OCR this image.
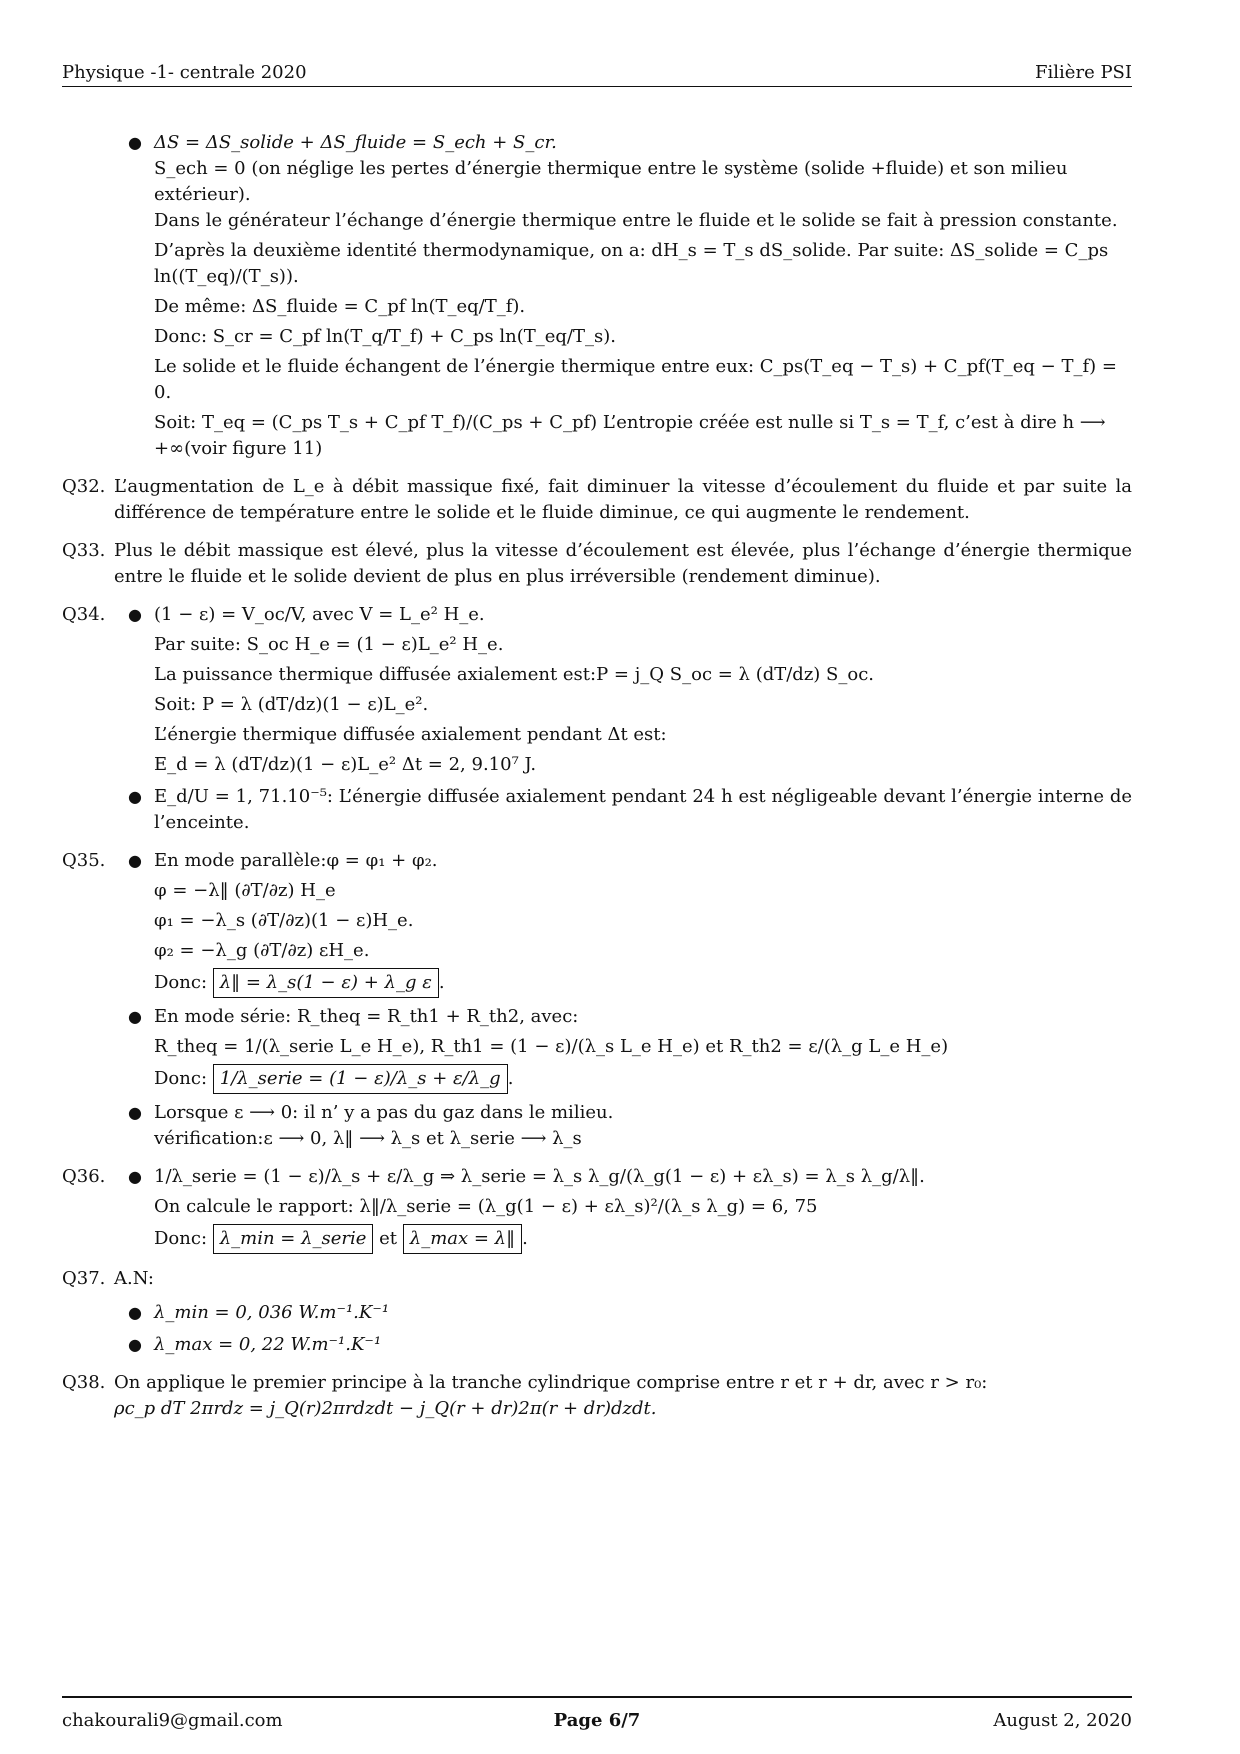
Physique -1- centrale 2020	Filière PSI
● ΔS = ΔS_solide + ΔS_fluide = S_ech + S_cr.
S_ech = 0 (on néglige les pertes d’énergie thermique entre le système (solide +fluide) et son milieu extérieur).
Dans le générateur l’échange d’énergie thermique entre le fluide et le solide se fait à pression constante.
D’après la deuxième identité thermodynamique, on a: dH_s = T_s dS_solide. Par suite: ΔS_solide = C_ps ln((T_eq)/(T_s)).
De même: ΔS_fluide = C_pf ln(T_eq/T_f).
Donc: S_cr = C_pf ln(T_q/T_f) + C_ps ln(T_eq/T_s).
Le solide et le fluide échangent de l’énergie thermique entre eux: C_ps(T_eq − T_s) + C_pf(T_eq − T_f) = 0.
Soit: T_eq = (C_ps T_s + C_pf T_f)/(C_ps + C_pf) L’entropie créée est nulle si T_s = T_f, c’est à dire h ⟶ +∞(voir figure 11)
Q32. L’augmentation de L_e à débit massique fixé, fait diminuer la vitesse d’écoulement du fluide et par suite la différence de température entre le solide et le fluide diminue, ce qui augmente le rendement.
Q33. Plus le débit massique est élevé, plus la vitesse d’écoulement est élevée, plus l’échange d’énergie thermique entre le fluide et le solide devient de plus en plus irréversible (rendement diminue).
Q34. ● (1 − ε) = V_oc/V, avec V = L_e² H_e.
Par suite: S_oc H_e = (1 − ε)L_e² H_e.
La puissance thermique diffusée axialement est:P = j_Q S_oc = λ (dT/dz) S_oc.
Soit: P = λ (dT/dz)(1 − ε)L_e².
L’énergie thermique diffusée axialement pendant Δt est:
E_d = λ (dT/dz)(1 − ε)L_e² Δt = 2, 9.10⁷ J.
● E_d/U = 1, 71.10⁻⁵: L’énergie diffusée axialement pendant 24 h est négligeable devant l’énergie interne de l’enceinte.
Q35. ● En mode parallèle:φ = φ₁ + φ₂.
φ = −λ‖ (∂T/∂z) H_e
φ₁ = −λ_s (∂T/∂z)(1 − ε)H_e.
φ₂ = −λ_g (∂T/∂z) εH_e.
Donc: λ‖ = λ_s(1 − ε) + λ_g ε .
● En mode série: R_theq = R_th1 + R_th2, avec:
R_theq = 1/(λ_serie L_e H_e), R_th1 = (1 − ε)/(λ_s L_e H_e) et R_th2 = ε/(λ_g L_e H_e)
Donc: 1/λ_serie = (1 − ε)/λ_s + ε/λ_g .
● Lorsque ε ⟶ 0: il n’ y a pas du gaz dans le milieu.
vérification:ε ⟶ 0, λ‖ ⟶ λ_s et λ_serie ⟶ λ_s
Q36. ● 1/λ_serie = (1 − ε)/λ_s + ε/λ_g ⇒ λ_serie = λ_s λ_g/(λ_g(1 − ε) + ελ_s) = λ_s λ_g/λ‖.
On calcule le rapport: λ‖/λ_serie = (λ_g(1 − ε) + ελ_s)²/(λ_s λ_g) = 6, 75
Donc: λ_min = λ_serie et λ_max = λ‖ .
Q37. A.N:
● λ_min = 0, 036 W.m⁻¹.K⁻¹
● λ_max = 0, 22 W.m⁻¹.K⁻¹
Q38. On applique le premier principe à la tranche cylindrique comprise entre r et r + dr, avec r > r₀:
ρc_p dT 2πrdz = j_Q(r)2πrdzdt − j_Q(r + dr)2π(r + dr)dzdt.
chakourali9@gmail.com	Page 6/7	August 2, 2020
